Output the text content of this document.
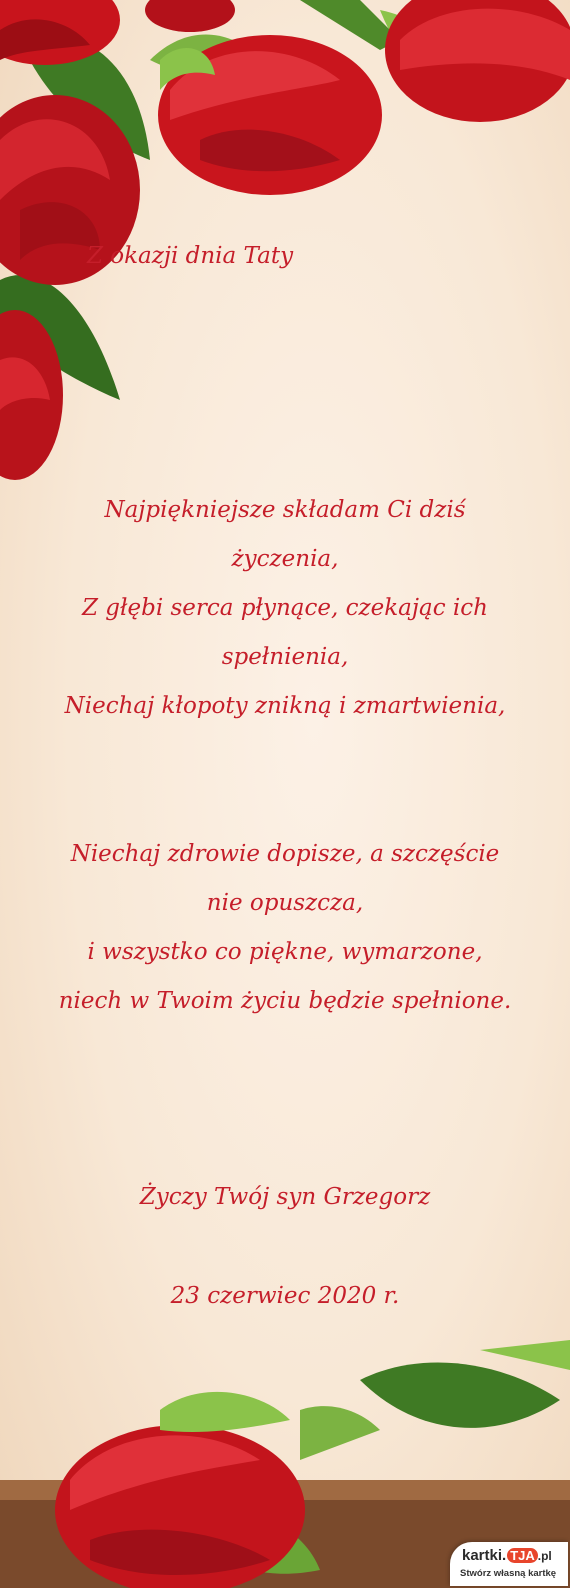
Z okazji dnia Taty
Najpiękniejsze składam Ci dziś
życzenia,
Z głębi serca płynące, czekając ich
spełnienia,
Niechaj kłopoty znikną i zmartwienia,
Niechaj zdrowie dopisze, a szczęście
nie opuszcza,
i wszystko co piękne, wymarzone,
niech w Twoim życiu będzie spełnione.
Życzy Twój syn Grzegorz
23 czerwiec 2020 r.
kartki. TJA .pl
Stwórz własną kartkę
